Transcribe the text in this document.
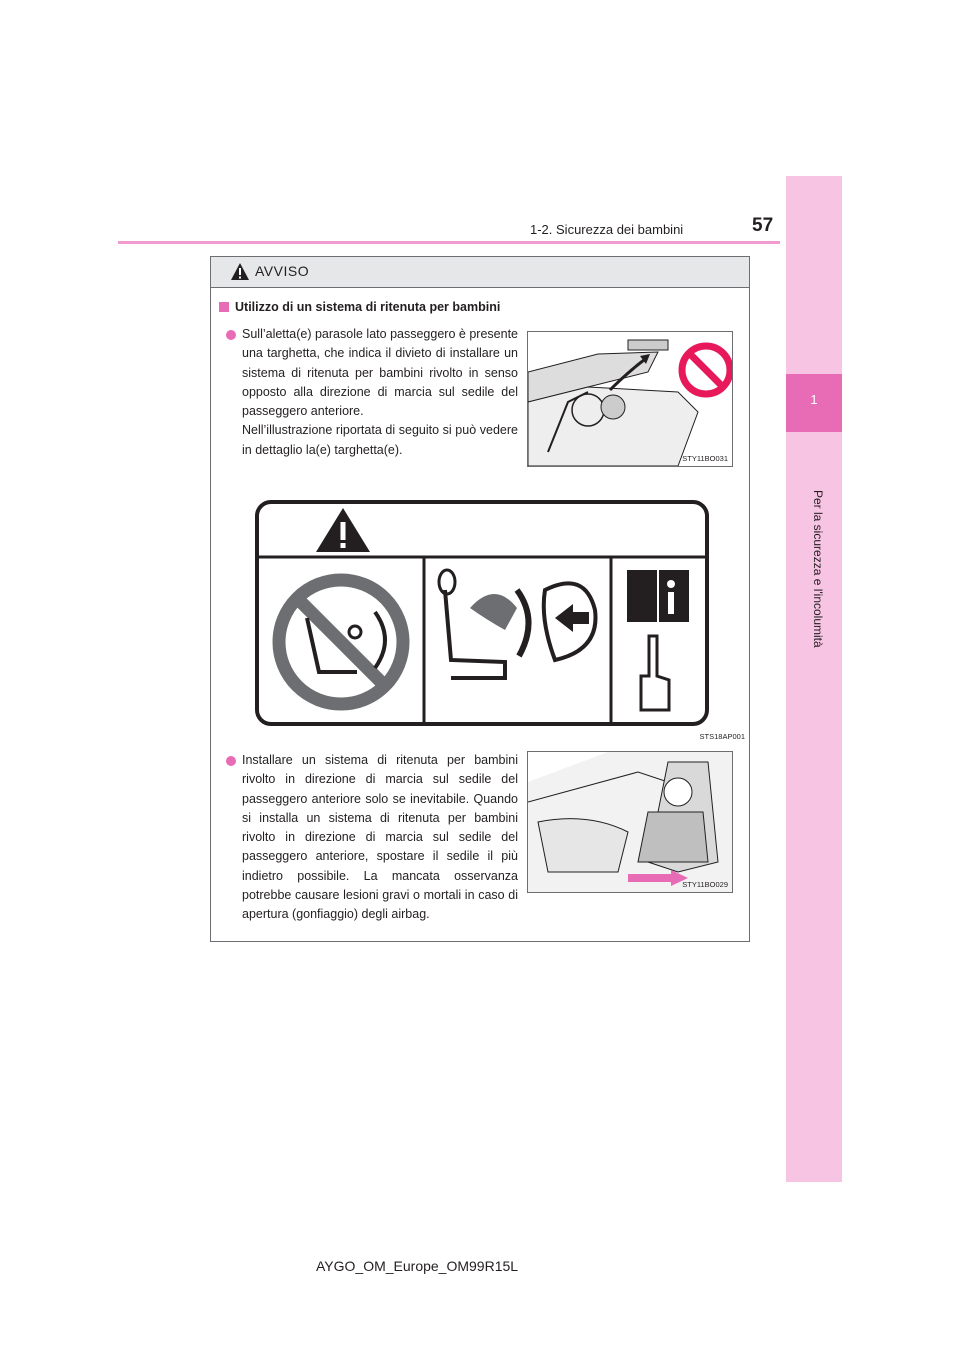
1-2. Sicurezza dei bambini	57
1
Per la sicurezza e l'incolumità
AVVISO
Utilizzo di un sistema di ritenuta per bambini

Sull’aletta(e) parasole lato passeggero è presente una targhetta, che indica il divieto di installare un sistema di ritenuta per bambini rivolto in senso opposto alla direzione di marcia sul sedile del passeggero anteriore.

Nell’illustrazione riportata di seguito si può vedere in dettaglio la(e) targhetta(e).

STY11BO031
STS18AP001

Installare un sistema di ritenuta per bambini rivolto in direzione di marcia sul sedile del passeggero anteriore solo se inevitabile. Quando si installa un sistema di ritenuta per bambini rivolto in direzione di marcia sul sedile del passeggero anteriore, spostare il sedile il più indietro possibile. La mancata osservanza potrebbe causare lesioni gravi o mortali in caso di apertura (gonfiaggio) degli airbag.

STY11BO029
AYGO_OM_Europe_OM99R15L
